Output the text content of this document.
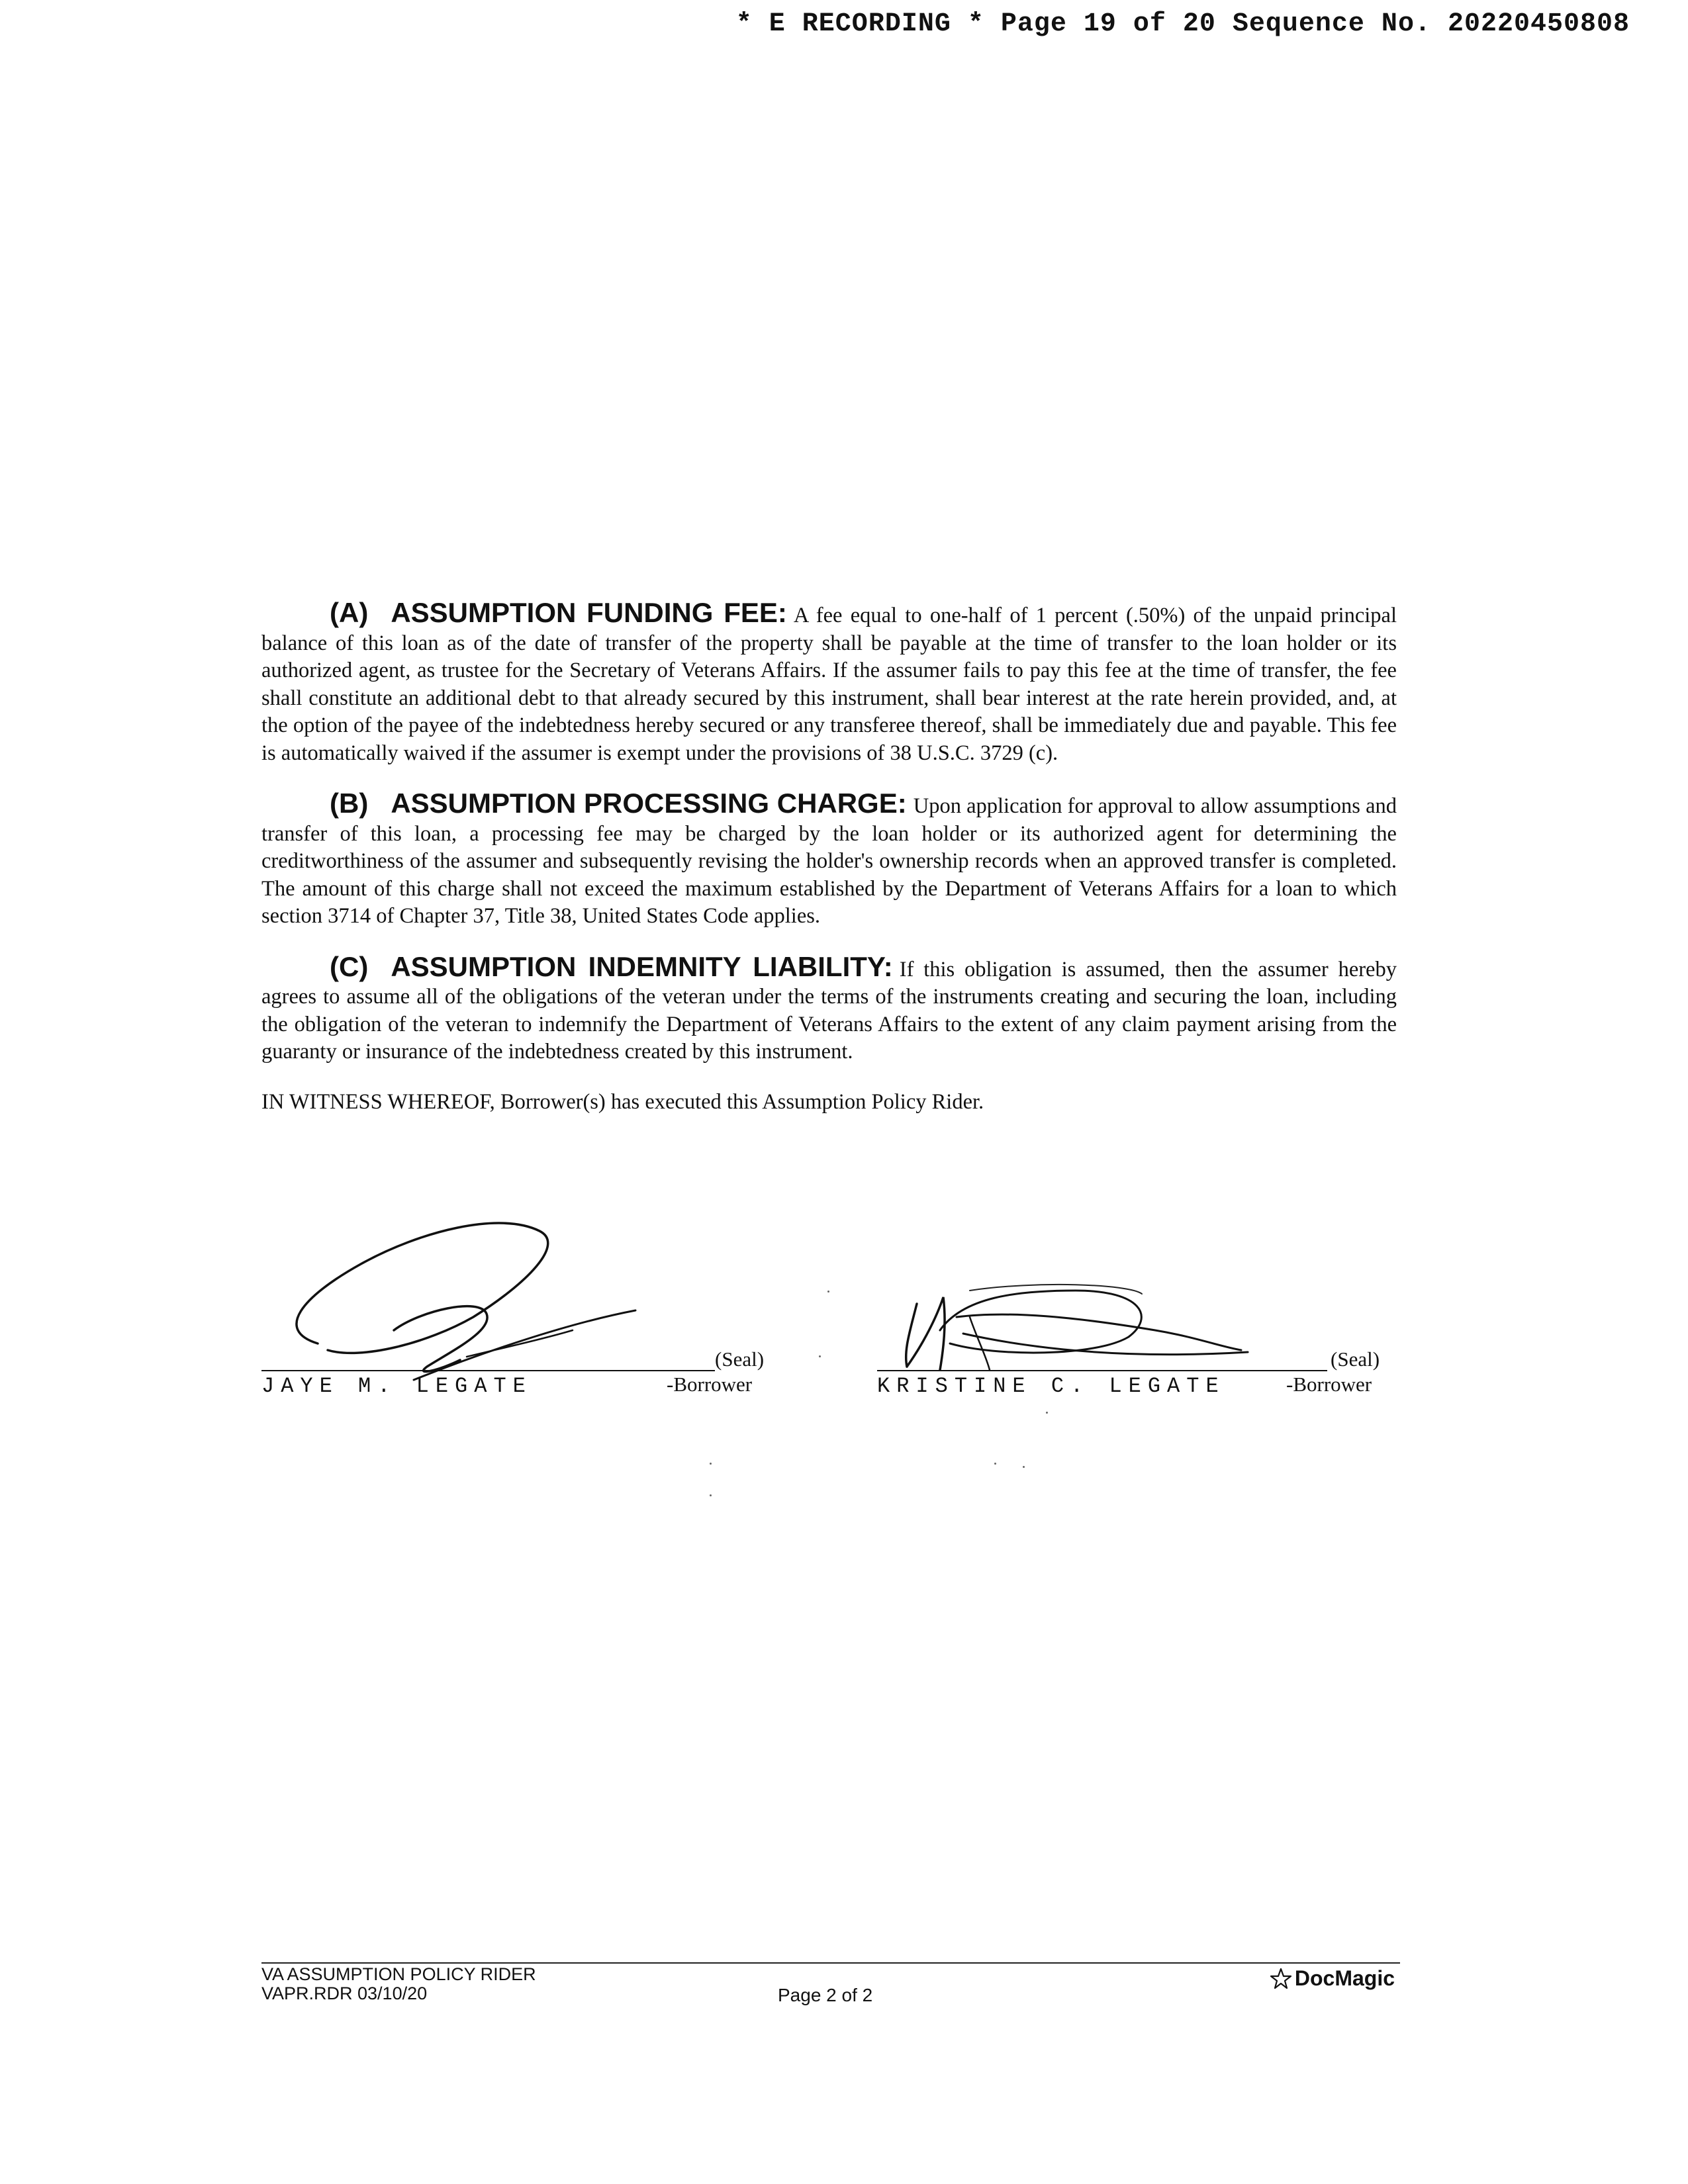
* E RECORDING * Page 19 of 20 Sequence No. 20220450808

(A) ASSUMPTION FUNDING FEE: A fee equal to one-half of 1 percent (.50%) of the unpaid principal balance of this loan as of the date of transfer of the property shall be payable at the time of transfer to the loan holder or its authorized agent, as trustee for the Secretary of Veterans Affairs. If the assumer fails to pay this fee at the time of transfer, the fee shall constitute an additional debt to that already secured by this instrument, shall bear interest at the rate herein provided, and, at the option of the payee of the indebtedness hereby secured or any transferee thereof, shall be immediately due and payable. This fee is automatically waived if the assumer is exempt under the provisions of 38 U.S.C. 3729 (c).

(B) ASSUMPTION PROCESSING CHARGE: Upon application for approval to allow assumptions and transfer of this loan, a processing fee may be charged by the loan holder or its authorized agent for determining the creditworthiness of the assumer and subsequently revising the holder's ownership records when an approved transfer is completed. The amount of this charge shall not exceed the maximum established by the Department of Veterans Affairs for a loan to which section 3714 of Chapter 37, Title 38, United States Code applies.

(C) ASSUMPTION INDEMNITY LIABILITY: If this obligation is assumed, then the assumer hereby agrees to assume all of the obligations of the veteran under the terms of the instruments creating and securing the loan, including the obligation of the veteran to indemnify the Department of Veterans Affairs to the extent of any claim payment arising from the guaranty or insurance of the indebtedness created by this instrument.

IN WITNESS WHEREOF, Borrower(s) has executed this Assumption Policy Rider.

(Seal)
JAYE M. LEGATE	-Borrower
(Seal)
KRISTINE C. LEGATE	-Borrower
VA ASSUMPTION POLICY RIDER
VAPR.RDR 03/10/20	Page 2 of 2
DocMagic
